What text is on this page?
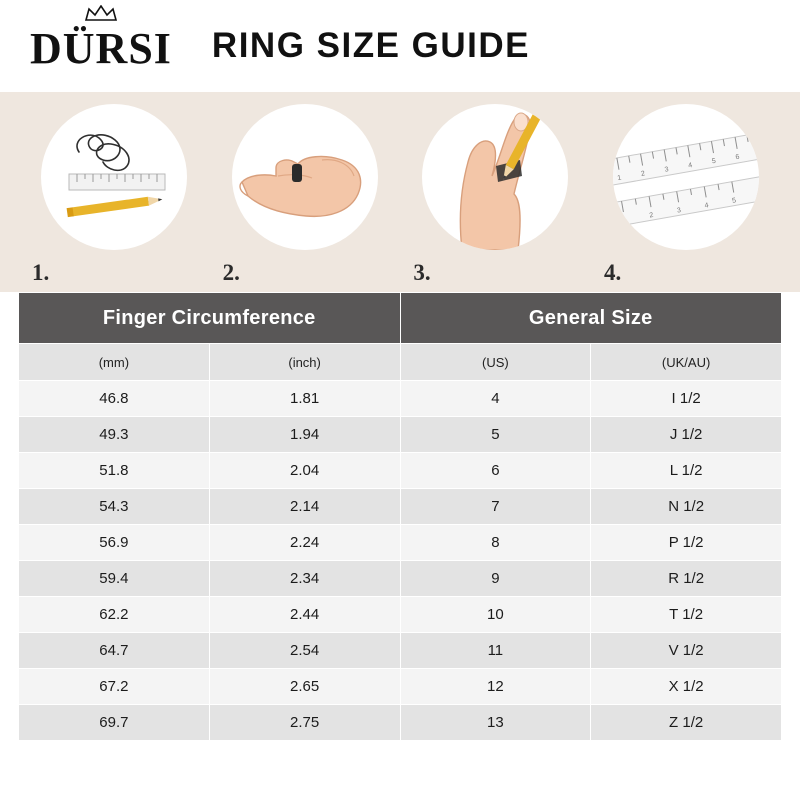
DÜRSI RING SIZE GUIDE
1.	2.	3.
1
2
3
4
5
6
1
2
3
4
5
4.
Finger Circumference		General Size	
(mm)	(inch)	(US)	(UK/AU)
46.8	1.81	4	I 1/2
49.3	1.94	5	J 1/2
51.8	2.04	6	L 1/2
54.3	2.14	7	N 1/2
56.9	2.24	8	P 1/2
59.4	2.34	9	R 1/2
62.2	2.44	10	T 1/2
64.7	2.54	11	V 1/2
67.2	2.65	12	X 1/2
69.7	2.75	13	Z 1/2
